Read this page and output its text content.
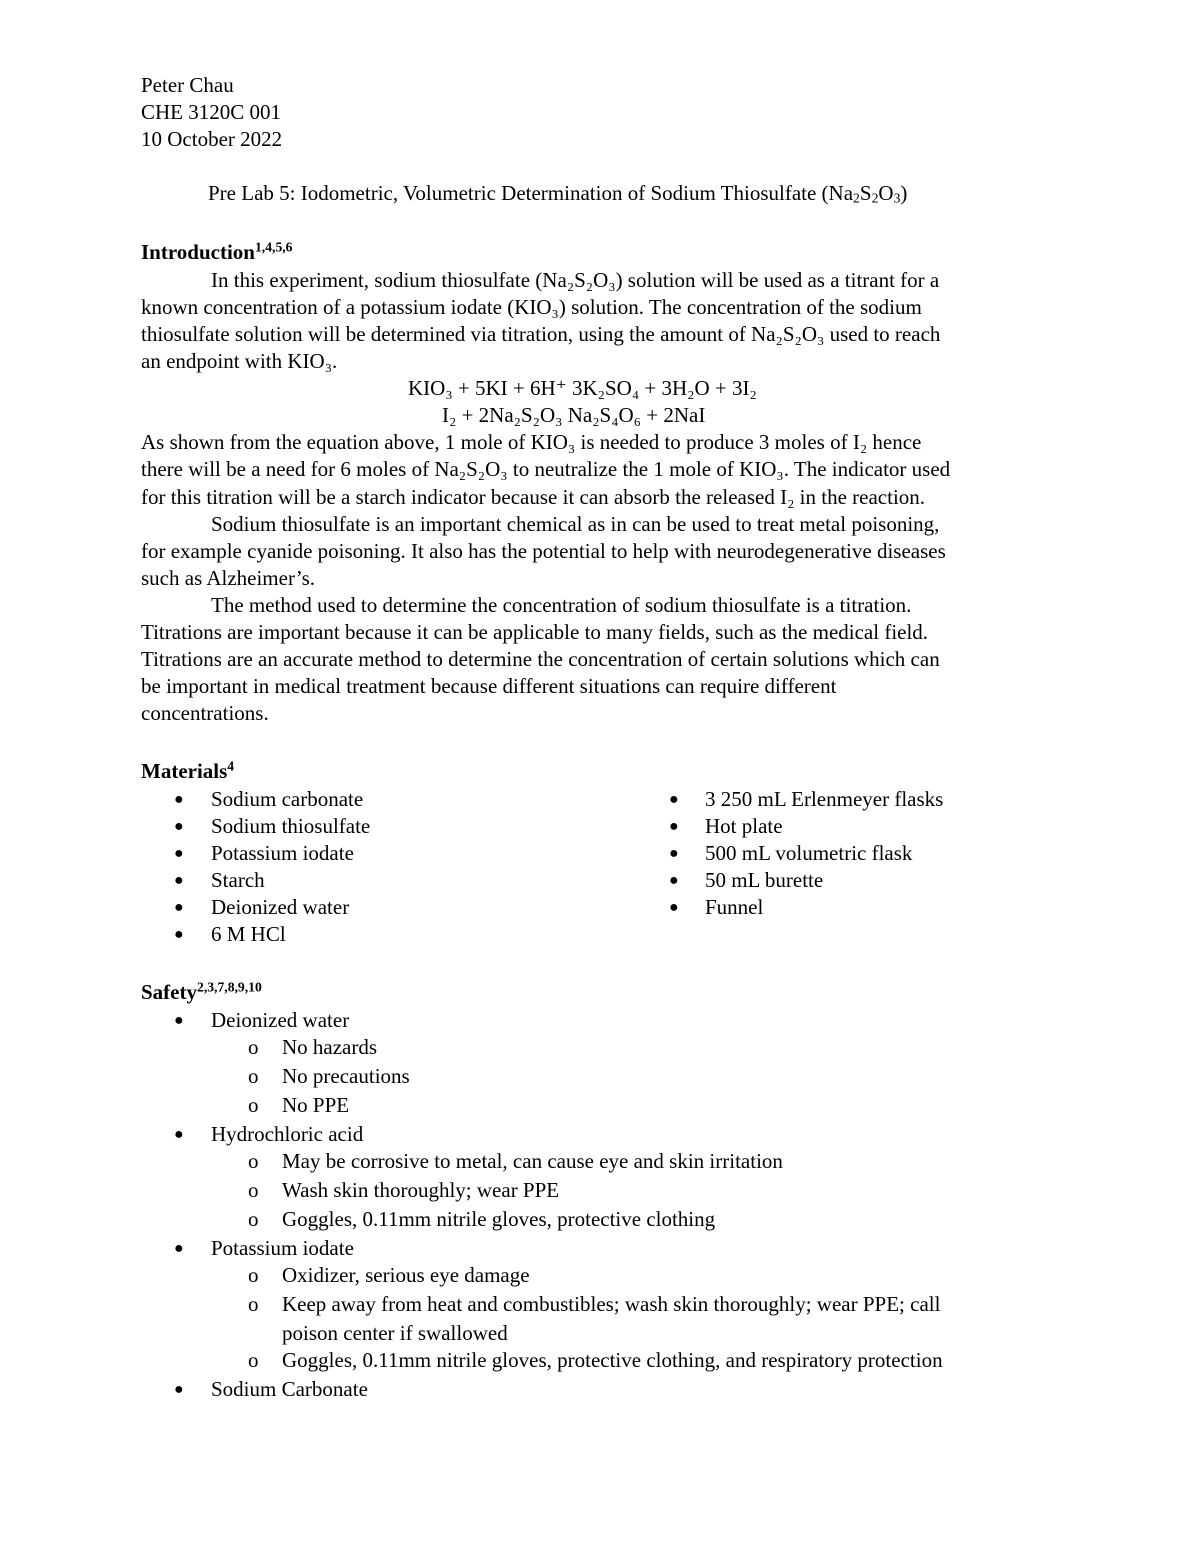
Peter Chau
CHE 3120C 001
10 October 2022
Pre Lab 5: Iodometric, Volumetric Determination of Sodium Thiosulfate $(Na_2S_2O_3)$
Introduction$^{1,4,5,6}$
In this experiment, sodium thiosulfate (Na₂S₂O₃) solution will be used as a titrant for a
known concentration of a potassium iodate (KIO₃) solution. The concentration of the sodium
thiosulfate solution will be determined via titration, using the amount of Na₂S₂O₃ used to reach
an endpoint with KIO₃.
KIO₃ + 5KI + 6H⁺ 3K₂SO₄ + 3H₂O + 3I₂
I₂ + 2Na₂S₂O₃ Na₂S₄O₆ + 2NaI
As shown from the equation above, 1 mole of KIO₃ is needed to produce 3 moles of I₂ hence
there will be a need for 6 moles of Na₂S₂O₃ to neutralize the 1 mole of KIO₃. The indicator used
for this titration will be a starch indicator because it can absorb the released I₂ in the reaction.
Sodium thiosulfate is an important chemical as in can be used to treat metal poisoning,
for example cyanide poisoning. It also has the potential to help with neurodegenerative diseases
such as Alzheimer’s.
The method used to determine the concentration of sodium thiosulfate is a titration.
Titrations are important because it can be applicable to many fields, such as the medical field.
Titrations are an accurate method to determine the concentration of certain solutions which can
be important in medical treatment because different situations can require different
concentrations.
Materials$^4$
● Sodium carbonate
● Sodium thiosulfate
● Potassium iodate
● Starch
● Deionized water
● 6 M HCl
● 3 250 mL Erlenmeyer flasks
● Hot plate
● 500 mL volumetric flask
● 50 mL burette
● Funnel
Safety$^{2,3,7,8,9,10}$
● Deionized water
o No hazards
o No precautions
o No PPE
● Hydrochloric acid
o May be corrosive to metal, can cause eye and skin irritation
o Wash skin thoroughly; wear PPE
o Goggles, 0.11mm nitrile gloves, protective clothing
● Potassium iodate
o Oxidizer, serious eye damage
o Keep away from heat and combustibles; wash skin thoroughly; wear PPE; call
poison center if swallowed
o Goggles, 0.11mm nitrile gloves, protective clothing, and respiratory protection
● Sodium Carbonate
